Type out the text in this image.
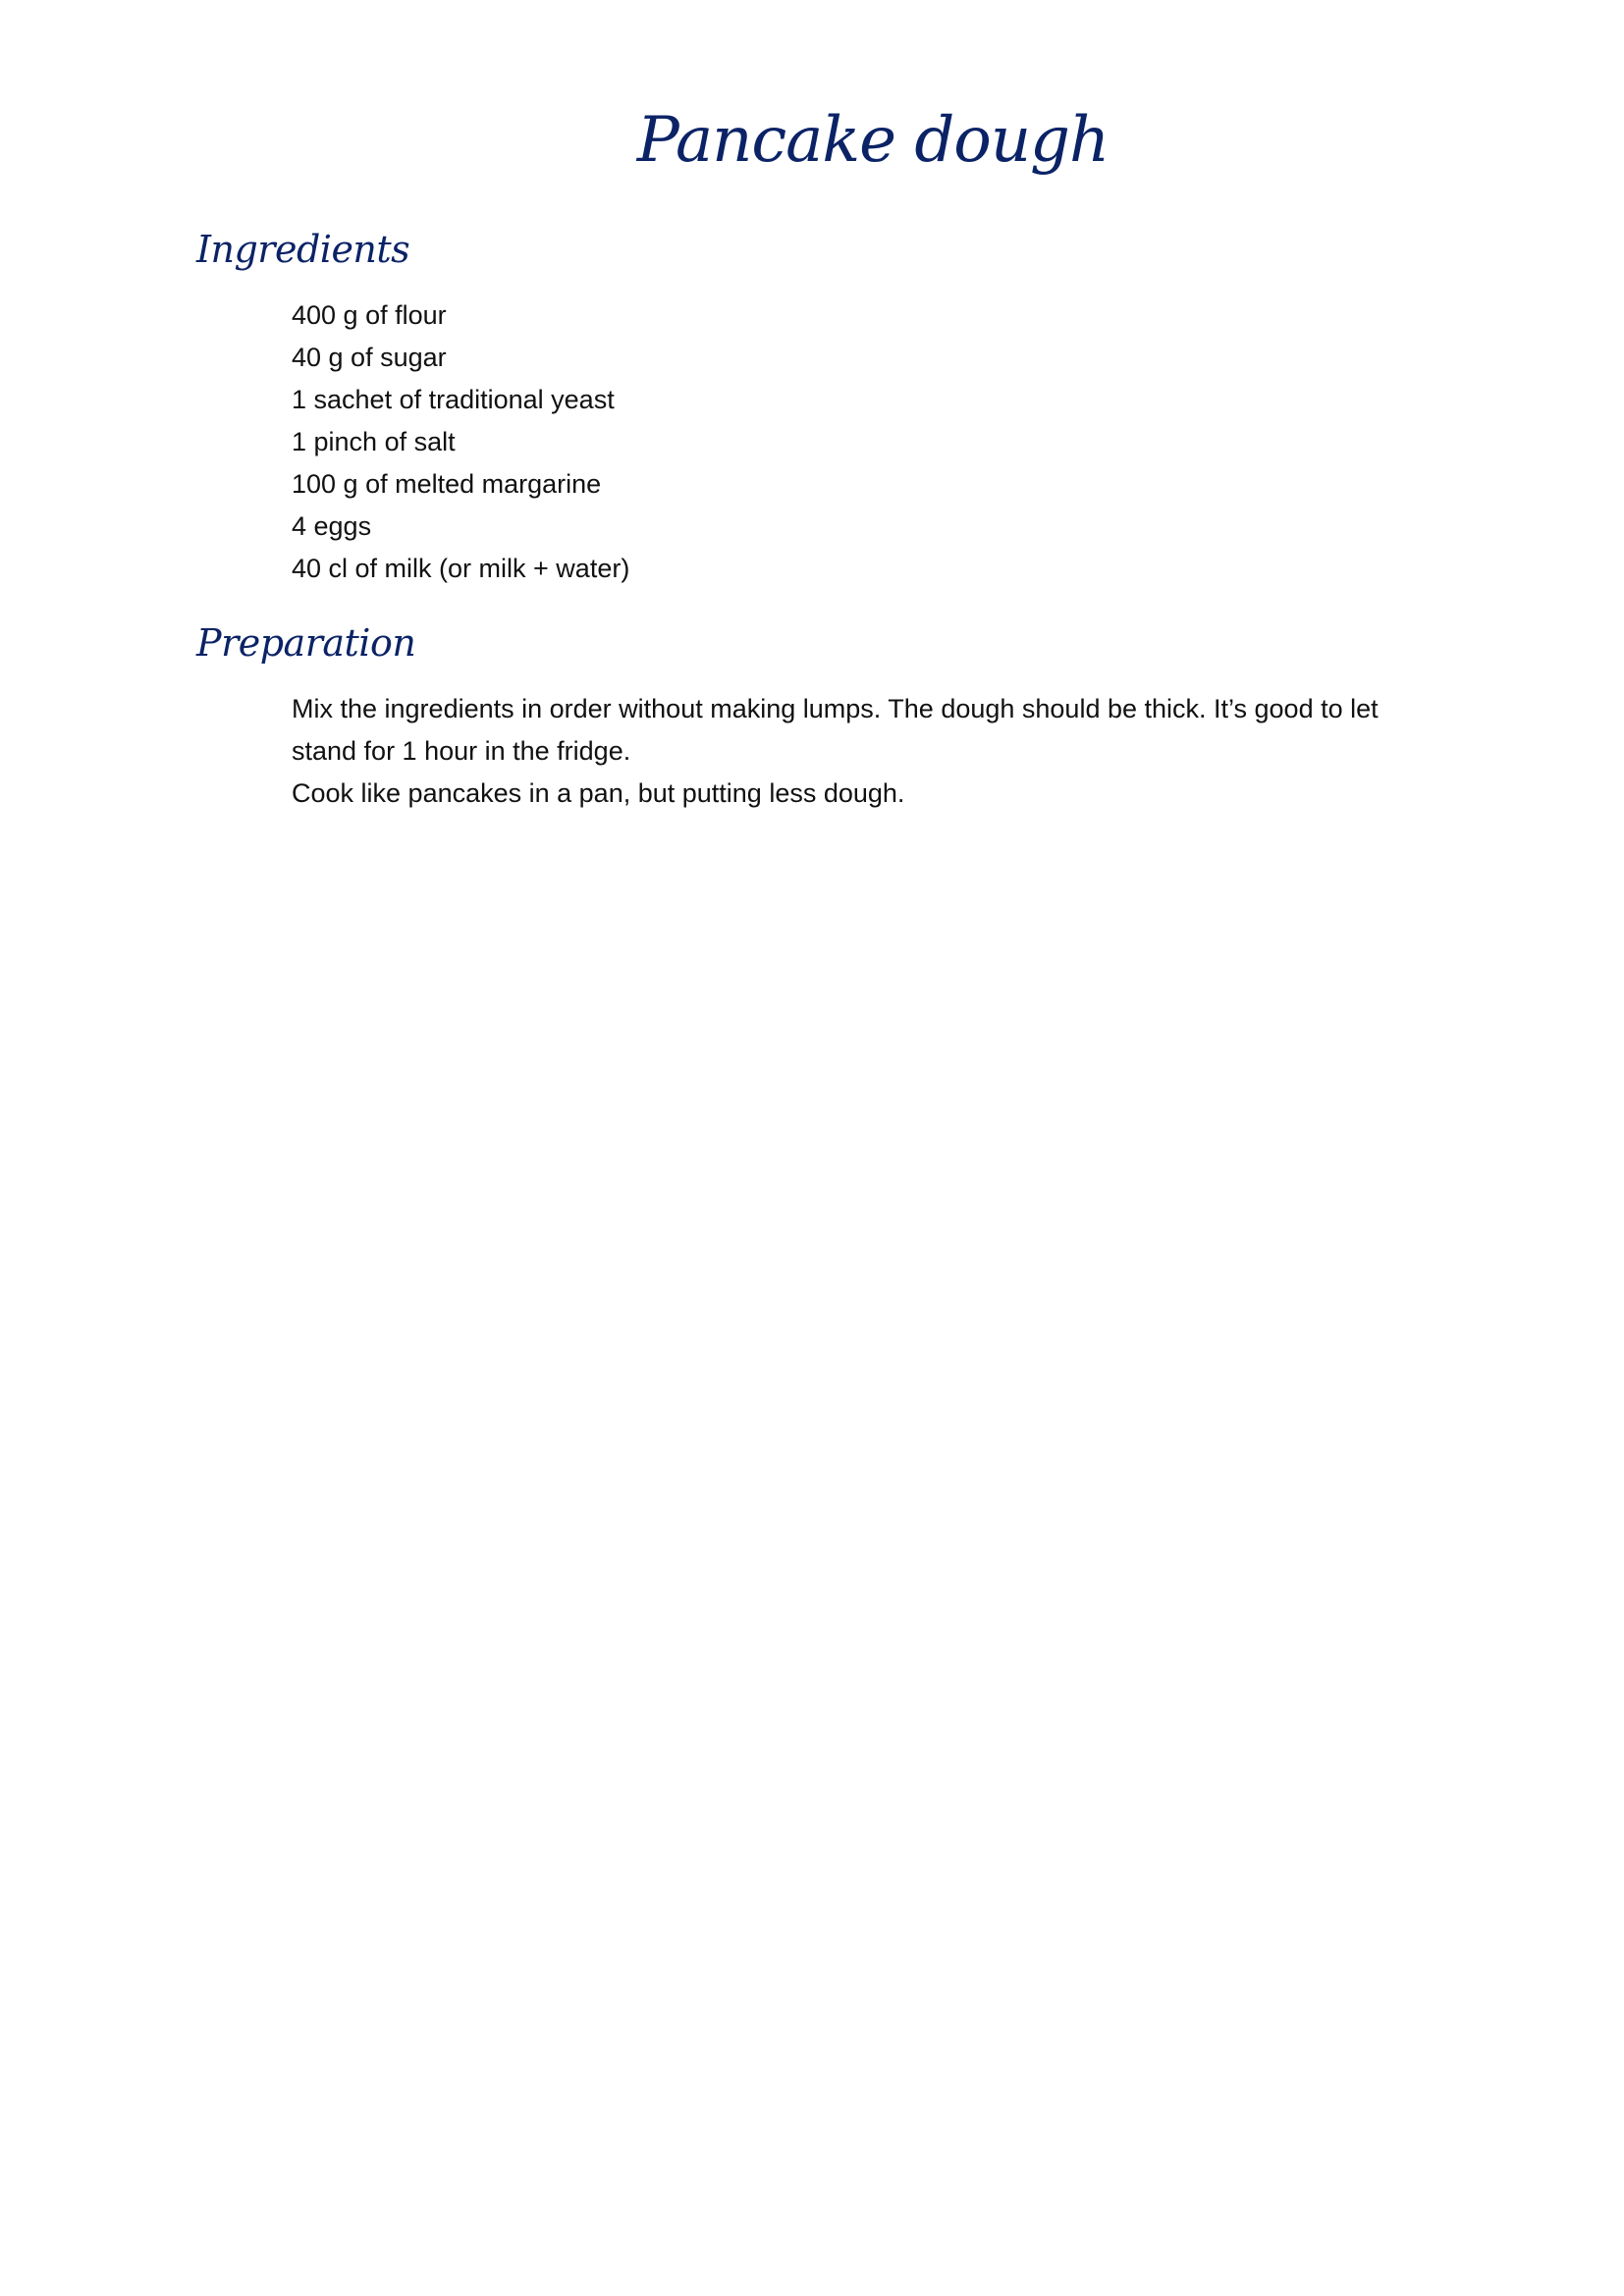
Pancake dough
Ingredients
400 g of flour
40 g of sugar
1 sachet of traditional yeast
1 pinch of salt
100 g of melted margarine
4 eggs
40 cl of milk (or milk + water)
Preparation

Mix the ingredients in order without making lumps. The dough should be thick. It’s good to let stand for 1 hour in the fridge.

Cook like pancakes in a pan, but putting less dough.
